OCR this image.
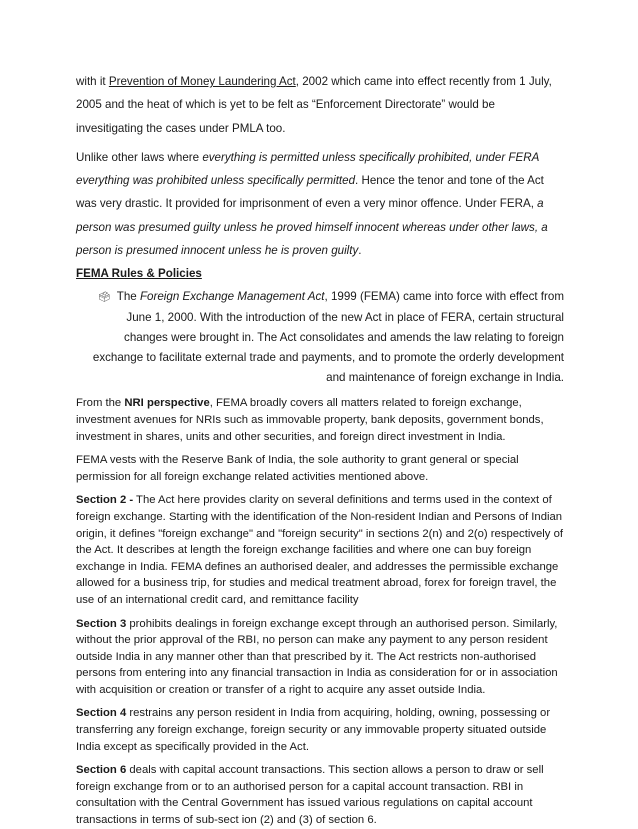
with it Prevention of Money Laundering Act, 2002 which came into effect recently from 1 July, 2005 and the heat of which is yet to be felt as “Enforcement Directorate” would be invesitigating the cases under PMLA too.

Unlike other laws where everything is permitted unless specifically prohibited, under FERA everything was prohibited unless specifically permitted. Hence the tenor and tone of the Act was very drastic. It provided for imprisonment of even a very minor offence. Under FERA, a person was presumed guilty unless he proved himself innocent whereas under other laws, a person is presumed innocent unless he is proven guilty.

FEMA Rules & Policies

🗳 The Foreign Exchange Management Act, 1999 (FEMA) came into force with effect from June 1, 2000. With the introduction of the new Act in place of FERA, certain structural changes were brought in. The Act consolidates and amends the law relating to foreign exchange to facilitate external trade and payments, and to promote the orderly development and maintenance of foreign exchange in India.

From the NRI perspective, FEMA broadly covers all matters related to foreign exchange, investment avenues for NRIs such as immovable property, bank deposits, government bonds, investment in shares, units and other securities, and foreign direct investment in India.

FEMA vests with the Reserve Bank of India, the sole authority to grant general or special permission for all foreign exchange related activities mentioned above.

Section 2 - The Act here provides clarity on several definitions and terms used in the context of foreign exchange. Starting with the identification of the Non-resident Indian and Persons of Indian origin, it defines "foreign exchange" and "foreign security" in sections 2(n) and 2(o) respectively of the Act. It describes at length the foreign exchange facilities and where one can buy foreign exchange in India. FEMA defines an authorised dealer, and addresses the permissible exchange allowed for a business trip, for studies and medical treatment abroad, forex for foreign travel, the use of an international credit card, and remittance facility

Section 3 prohibits dealings in foreign exchange except through an authorised person. Similarly, without the prior approval of the RBI, no person can make any payment to any person resident outside India in any manner other than that prescribed by it. The Act restricts non-authorised persons from entering into any financial transaction in India as consideration for or in association with acquisition or creation or transfer of a right to acquire any asset outside India.

Section 4 restrains any person resident in India from acquiring, holding, owning, possessing or transferring any foreign exchange, foreign security or any immovable property situated outside India except as specifically provided in the Act.

Section 6 deals with capital account transactions. This section allows a person to draw or sell foreign exchange from or to an authorised person for a capital account transaction. RBI in consultation with the Central Government has issued various regulations on capital account transactions in terms of sub-sect ion (2) and (3) of section 6.
